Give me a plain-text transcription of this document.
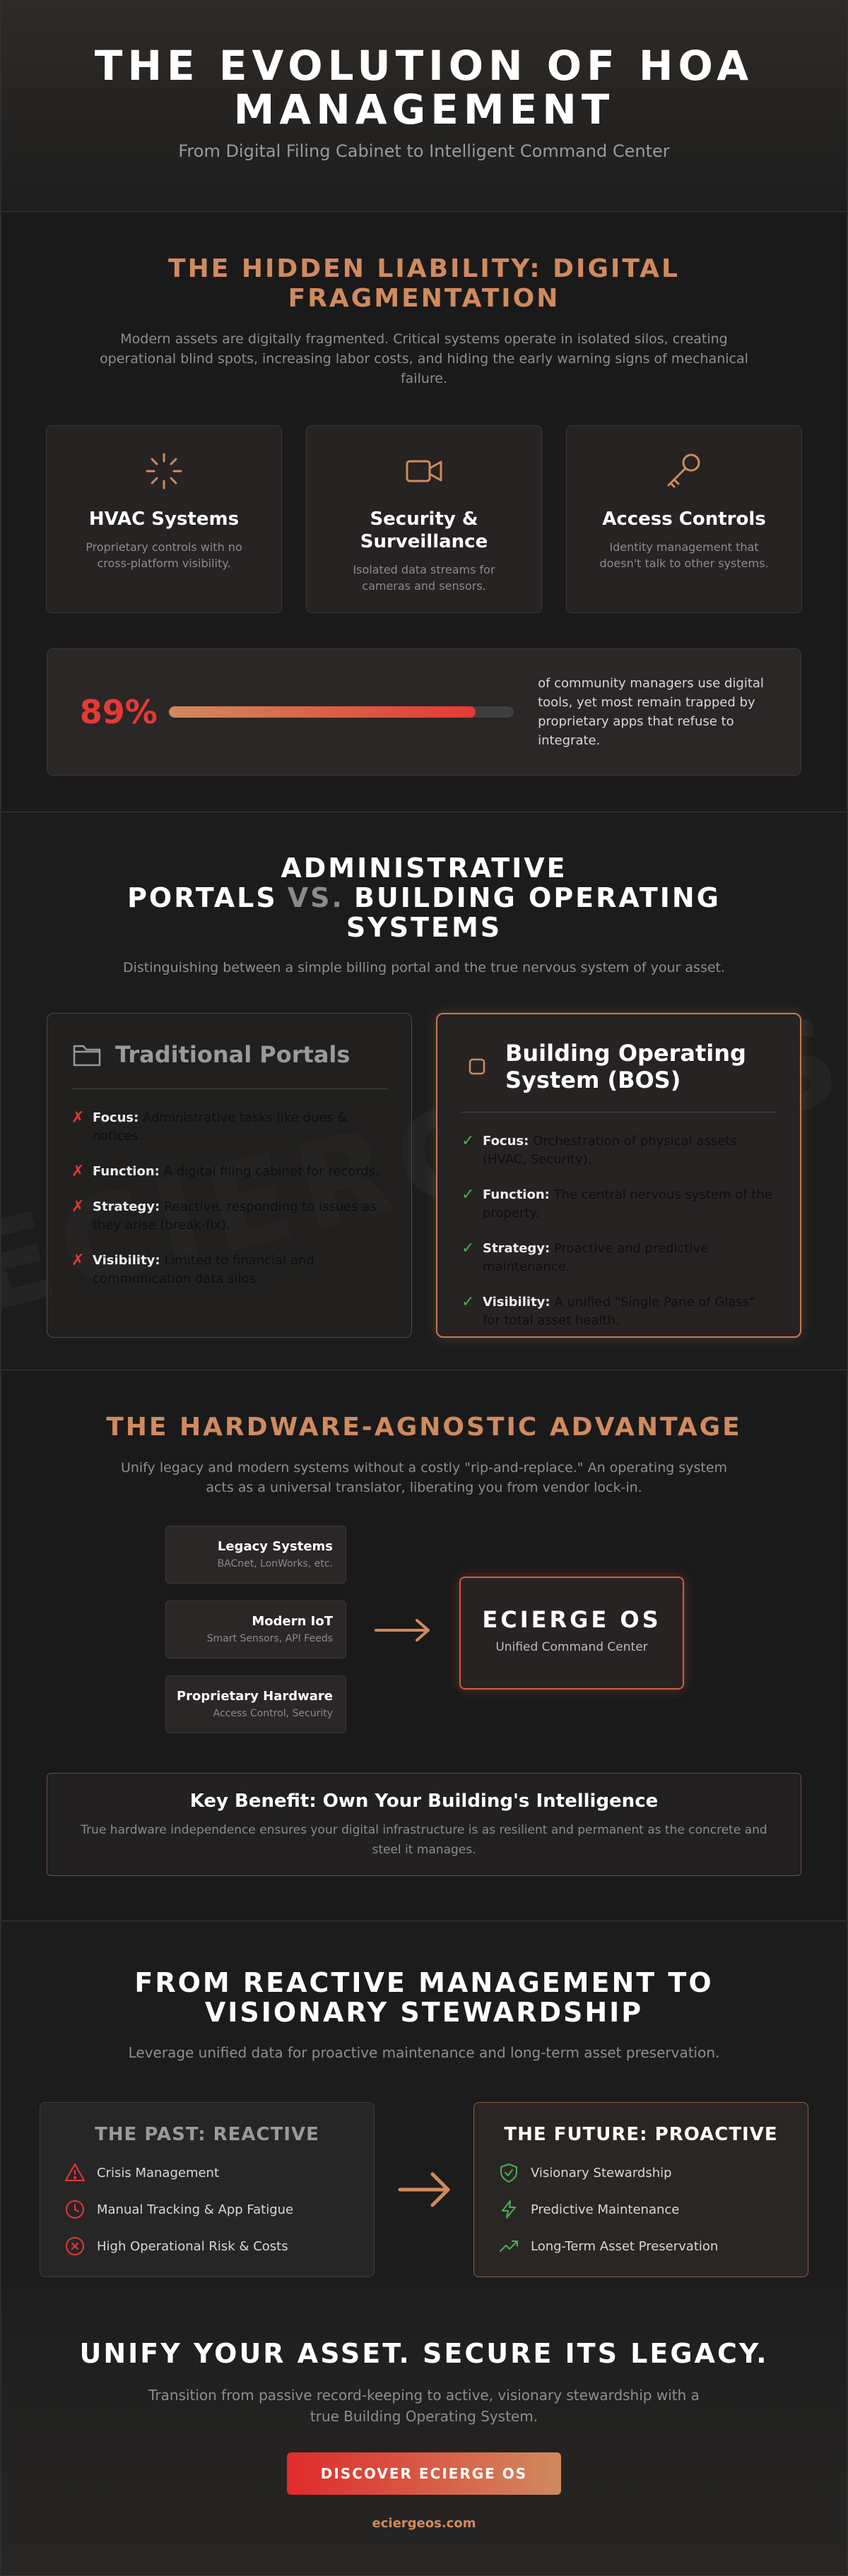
THE EVOLUTION OF HOA MANAGEMENT

From Digital Filing Cabinet to Intelligent Command Center

THE HIDDEN LIABILITY: DIGITAL FRAGMENTATION

Modern assets are digitally fragmented. Critical systems operate in isolated silos, creating operational blind spots, increasing labor costs, and hiding the early warning signs of mechanical failure.

HVAC Systems

Proprietary controls with no cross-platform visibility.

Security & Surveillance

Isolated data streams for cameras and sensors.

Access Controls

Identity management that doesn't talk to other systems.

89%
of community managers use digital tools, yet most remain trapped by proprietary apps that refuse to integrate.
ADMINISTRATIVE PORTALS VS. BUILDING OPERATING SYSTEMS

Distinguishing between a simple billing portal and the true nervous system of your asset.

Traditional Portals
✗ Focus: Administrative tasks like dues & notices.
✗ Function: A digital filing cabinet for records.
✗ Strategy: Reactive, responding to issues as they arise (break-fix).
✗ Visibility: Limited to financial and communication data silos.
Building Operating System (BOS)
✓ Focus: Orchestration of physical assets (HVAC, Security).
✓ Function: The central nervous system of the property.
✓ Strategy: Proactive and predictive maintenance.
✓ Visibility: A unified "Single Pane of Glass" for total asset health.
THE HARDWARE-AGNOSTIC ADVANTAGE

Unify legacy and modern systems without a costly "rip-and-replace." An operating system acts as a universal translator, liberating you from vendor lock-in.

Legacy Systems
BACnet, LonWorks, etc.
Modern IoT
Smart Sensors, API Feeds
Proprietary Hardware
Access Control, Security
ECIERGE OS
Unified Command Center
Key Benefit: Own Your Building's Intelligence

True hardware independence ensures your digital infrastructure is as resilient and permanent as the concrete and steel it manages.

FROM REACTIVE MANAGEMENT TO VISIONARY STEWARDSHIP

Leverage unified data for proactive maintenance and long-term asset preservation.

THE PAST: REACTIVE
Crisis Management
Manual Tracking & App Fatigue
High Operational Risk & Costs
THE FUTURE: PROACTIVE
Visionary Stewardship
Predictive Maintenance
Long-Term Asset Preservation
UNIFY YOUR ASSET. SECURE ITS LEGACY.

Transition from passive record-keeping to active, visionary stewardship with a true Building Operating System.

DISCOVER ECIERGE OS
eciergeos.com
